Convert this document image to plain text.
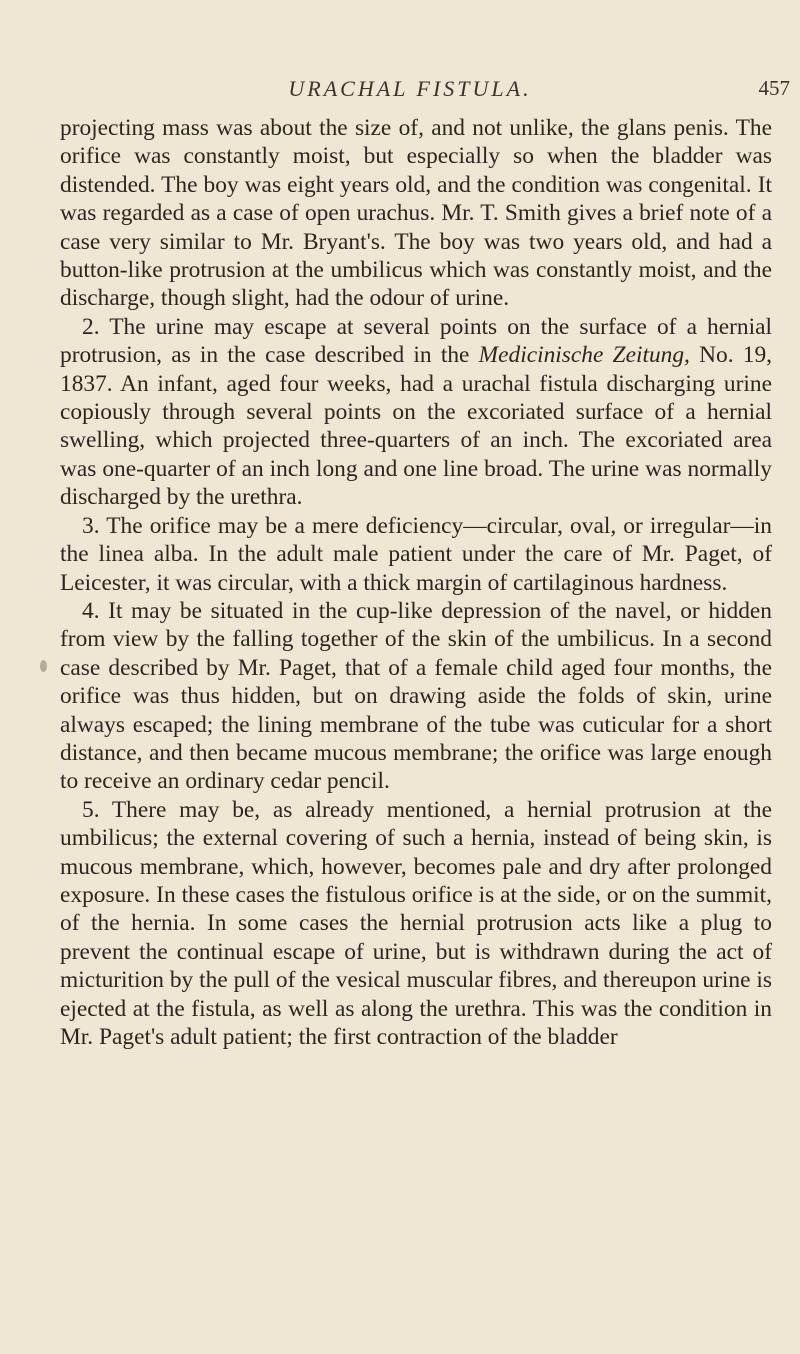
URACHAL FISTULA.	457

projecting mass was about the size of, and not unlike, the glans penis. The orifice was constantly moist, but especially so when the bladder was distended. The boy was eight years old, and the condition was congenital. It was regarded as a case of open urachus. Mr. T. Smith gives a brief note of a case very similar to Mr. Bryant's. The boy was two years old, and had a button-like protrusion at the umbilicus which was constantly moist, and the discharge, though slight, had the odour of urine.

2. The urine may escape at several points on the surface of a hernial protrusion, as in the case described in the Medicinische Zeitung, No. 19, 1837. An infant, aged four weeks, had a urachal fistula discharging urine copiously through several points on the excoriated surface of a hernial swelling, which projected three-quarters of an inch. The excoriated area was one-quarter of an inch long and one line broad. The urine was normally discharged by the urethra.

3. The orifice may be a mere deficiency—circular, oval, or irregular—in the linea alba. In the adult male patient under the care of Mr. Paget, of Leicester, it was circular, with a thick margin of cartilaginous hardness.

4. It may be situated in the cup-like depression of the navel, or hidden from view by the falling together of the skin of the umbilicus. In a second case described by Mr. Paget, that of a female child aged four months, the orifice was thus hidden, but on drawing aside the folds of skin, urine always escaped; the lining membrane of the tube was cuticular for a short distance, and then became mucous membrane; the orifice was large enough to receive an ordinary cedar pencil.

5. There may be, as already mentioned, a hernial protrusion at the umbilicus; the external covering of such a hernia, instead of being skin, is mucous membrane, which, however, becomes pale and dry after prolonged exposure. In these cases the fistulous orifice is at the side, or on the summit, of the hernia. In some cases the hernial protrusion acts like a plug to prevent the continual escape of urine, but is withdrawn during the act of micturition by the pull of the vesical muscular fibres, and thereupon urine is ejected at the fistula, as well as along the urethra. This was the condition in Mr. Paget's adult patient; the first contraction of the bladder
